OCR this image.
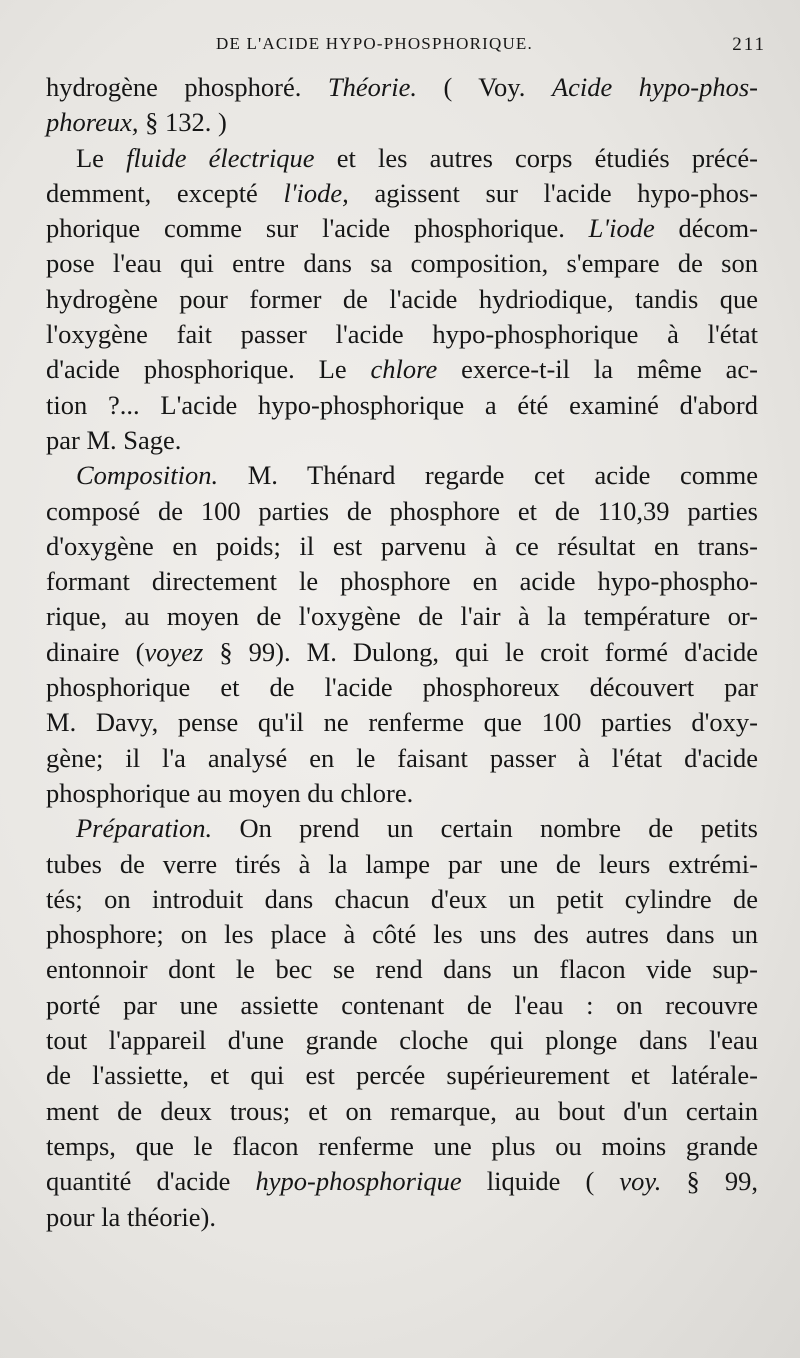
DE L'ACIDE HYPO-PHOSPHORIQUE.	211
hydrogène phosphoré. Théorie. ( Voy. Acide hypo-phos-
phoreux, § 132. )
Le fluide électrique et les autres corps étudiés précé-
demment, excepté l'iode, agissent sur l'acide hypo-phos-
phorique comme sur l'acide phosphorique. L'iode décom-
pose l'eau qui entre dans sa composition, s'empare de son
hydrogène pour former de l'acide hydriodique, tandis que
l'oxygène fait passer l'acide hypo-phosphorique à l'état
d'acide phosphorique. Le chlore exerce-t-il la même ac-
tion ?... L'acide hypo-phosphorique a été examiné d'abord
par M. Sage.
Composition. M. Thénard regarde cet acide comme
composé de 100 parties de phosphore et de 110,39 parties
d'oxygène en poids; il est parvenu à ce résultat en trans-
formant directement le phosphore en acide hypo-phospho-
rique, au moyen de l'oxygène de l'air à la température or-
dinaire (voyez § 99). M. Dulong, qui le croit formé d'acide
phosphorique et de l'acide phosphoreux découvert par
M. Davy, pense qu'il ne renferme que 100 parties d'oxy-
gène; il l'a analysé en le faisant passer à l'état d'acide
phosphorique au moyen du chlore.
Préparation. On prend un certain nombre de petits
tubes de verre tirés à la lampe par une de leurs extrémi-
tés; on introduit dans chacun d'eux un petit cylindre de
phosphore; on les place à côté les uns des autres dans un
entonnoir dont le bec se rend dans un flacon vide sup-
porté par une assiette contenant de l'eau : on recouvre
tout l'appareil d'une grande cloche qui plonge dans l'eau
de l'assiette, et qui est percée supérieurement et latérale-
ment de deux trous; et on remarque, au bout d'un certain
temps, que le flacon renferme une plus ou moins grande
quantité d'acide hypo-phosphorique liquide ( voy. § 99,
pour la théorie).
